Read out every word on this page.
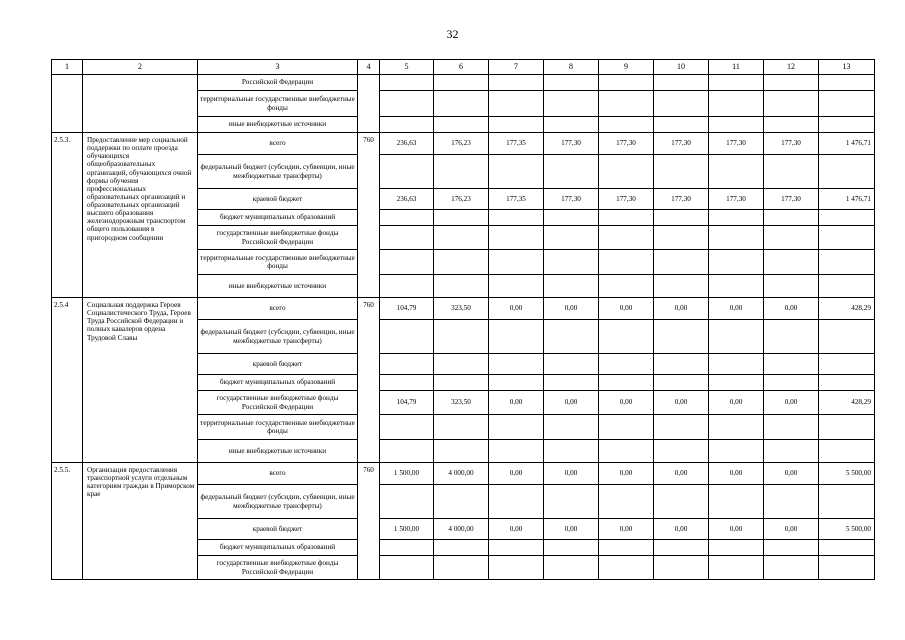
32
1	2	3	4	5	6	7	8	9	10	11	12	13
		Российской Федерации										
		территориальные государственные внебюджетные фонды										
		иные внебюджетные источники										
2.5.3.	Предоставление мер социальной поддержки по оплате проезда обучающихся общеобразовательных организаций, обучающихся очной формы обучения профессиональных образовательных организаций и образовательных организаций высшего образования железнодорожным транспортом общего пользования в пригородном сообщении	всего	760	236,63	176,23	177,35	177,30	177,30	177,30	177,30	177,30	1 476,71
		федеральный бюджет (субсидии, субвенции, иные межбюджетные трансферты)										
		краевой бюджет		236,63	176,23	177,35	177,30	177,30	177,30	177,30	177,30	1 476,71
		бюджет муниципальных образований										
		государственные внебюджетные фонды Российской Федерации										
		территориальные государственные внебюджетные фонды										
		иные внебюджетные источники										
2.5.4	Социальная поддержка Героев Социалистического Труда, Героев Труда Российской Федерации и полных кавалеров ордена Трудовой Славы	всего	760	104,79	323,50	0,00	0,00	0,00	0,00	0,00	0,00	428,29
		федеральный бюджет (субсидии, субвенции, иные межбюджетные трансферты)										
		краевой бюджет										
		бюджет муниципальных образований										
		государственные внебюджетные фонды Российской Федерации		104,79	323,50	0,00	0,00	0,00	0,00	0,00	0,00	428,29
		территориальные государственные внебюджетные фонды										
		иные внебюджетные источники										
2.5.5.	Организация предоставления транспортной услуги отдельным категориям граждан в Приморском крае	всего	760	1 500,00	4 000,00	0,00	0,00	0,00	0,00	0,00	0,00	5 500,00
		федеральный бюджет (субсидии, субвенции, иные межбюджетные трансферты)										
		краевой бюджет		1 500,00	4 000,00	0,00	0,00	0,00	0,00	0,00	0,00	5 500,00
		бюджет муниципальных образований										
		государственные внебюджетные фонды Российской Федерации										
